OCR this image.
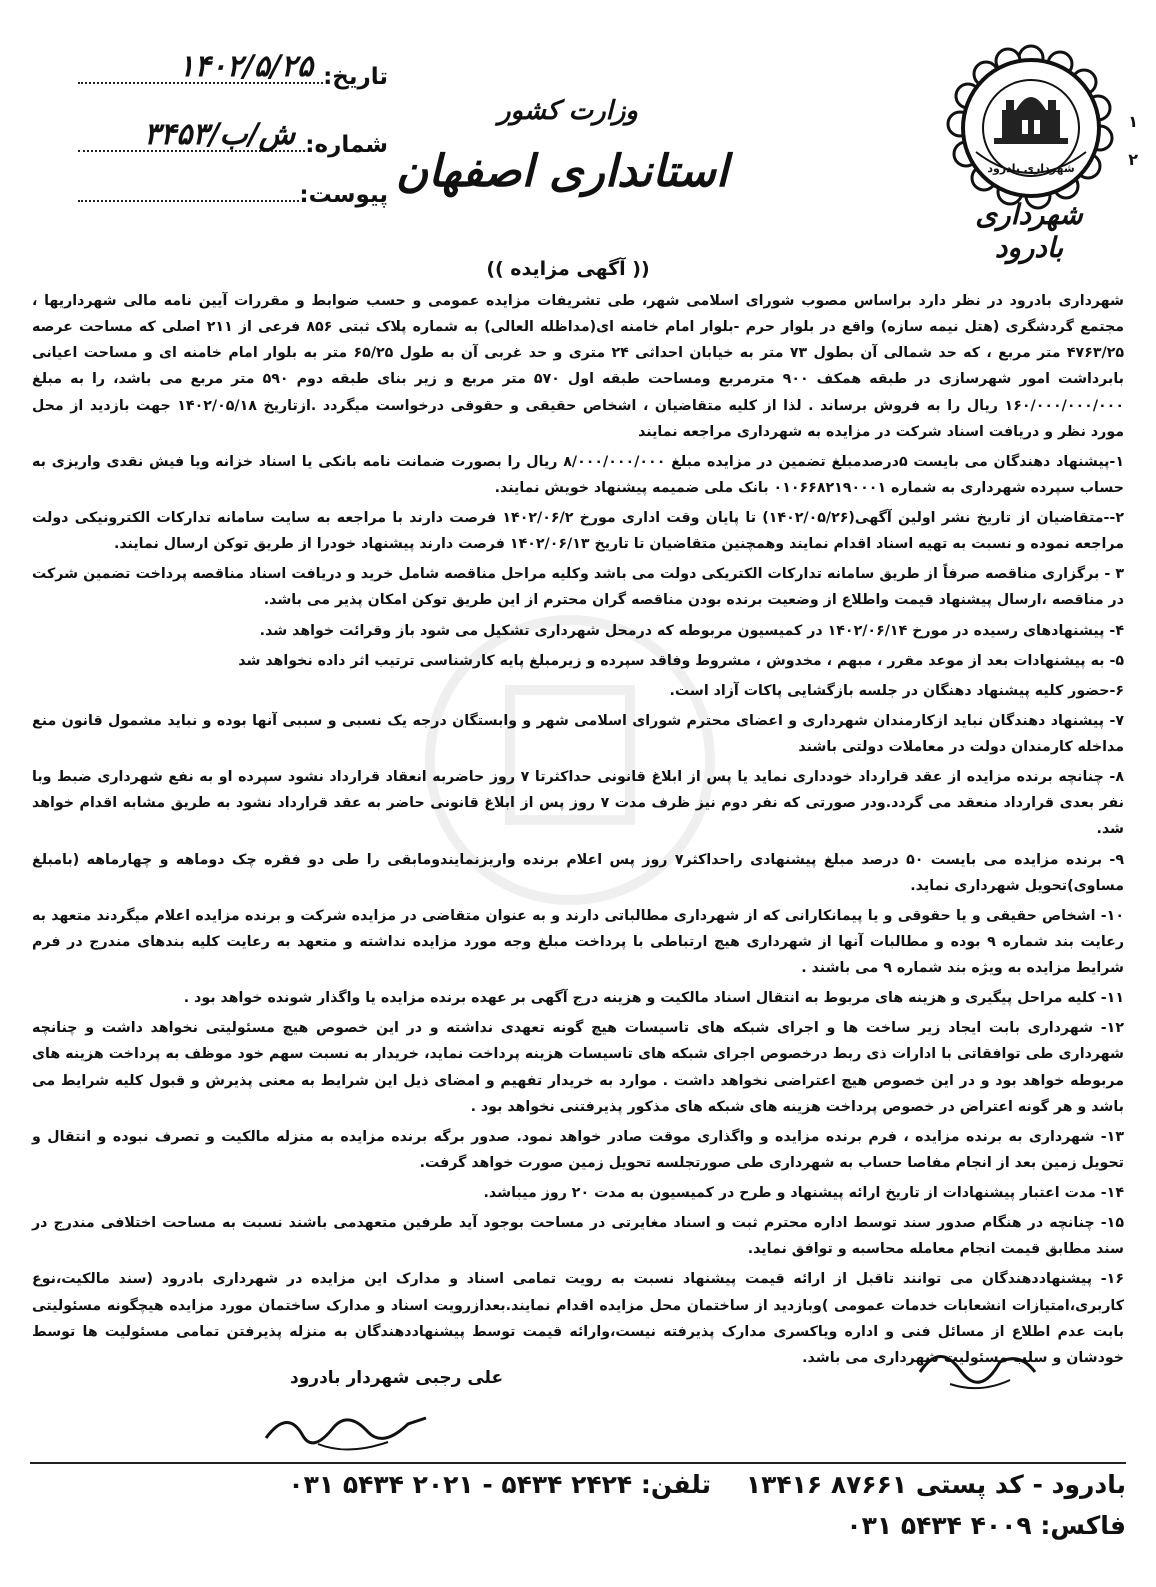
شهرداری بادرود
شهرداری بادرود
وزارت کشور
استانداری اصفهان
تاریخ:
۱۴۰۲/۵/۲۵
شماره:
۳۴۵۳/ش/ب
پیوست:
۱
۲
(( آگهی مزایده ))

شهرداری بادرود در نظر دارد براساس مصوب شورای اسلامی شهر، طی تشریفات مزایده عمومی و حسب ضوابط و مقررات آیین نامه مالی شهرداریها ، مجتمع گردشگری (هتل نیمه سازه) واقع در بلوار حرم -بلوار امام خامنه ای(مداظله العالی) به شماره پلاک ثبتی ۸۵۶ فرعی از ۲۱۱ اصلی که مساحت عرصه ۴۷۶۳/۲۵ متر مربع ، که حد شمالی آن بطول ۷۳ متر به خیابان احداثی ۲۴ متری و حد غربی آن به طول ۶۵/۲۵ متر به بلوار امام خامنه ای و مساحت اعیانی بابرداشت امور شهرسازی در طبقه همکف ۹۰۰ مترمربع ومساحت طبقه اول ۵۷۰ متر مربع و زیر بنای طبقه دوم ۵۹۰ متر مربع می باشد، را به مبلغ ۱۶۰/۰۰۰/۰۰۰/۰۰۰ ریال را به فروش برساند . لذا از کلیه متقاضیان ، اشخاص حقیقی و حقوقی درخواست میگردد .ازتاریخ ۱۴۰۲/۰۵/۱۸ جهت بازدید از محل مورد نظر و دریافت اسناد شرکت در مزایده به شهرداری مراجعه نمایند

۱-پیشنهاد دهندگان می بایست ۵درصدمبلغ تضمین در مزایده مبلغ ۸/۰۰۰/۰۰۰/۰۰۰ ریال را بصورت ضمانت نامه بانکی یا اسناد خزانه ویا فیش نقدی واریزی به حساب سپرده شهرداری به شماره ۰۱۰۶۶۸۲۱۹۰۰۰۱ بانک ملی ضمیمه پیشنهاد خویش نمایند.

۲--متقاضیان از تاریخ نشر اولین آگهی(۱۴۰۲/۰۵/۲۶) تا پایان وقت اداری مورخ ۱۴۰۲/۰۶/۲ فرصت دارند با مراجعه به سایت سامانه تدارکات الکترونیکی دولت مراجعه نموده و نسبت به تهیه اسناد اقدام نمایند وهمچنین متقاضیان تا تاریخ ۱۴۰۲/۰۶/۱۳ فرصت دارند پیشنهاد خودرا از طریق توکن ارسال نمایند.

۳ - برگزاری مناقصه صرفاً از طریق سامانه تدارکات الکتریکی دولت می باشد وکلیه مراحل مناقصه شامل خرید و دریافت اسناد مناقصه پرداخت تضمین شرکت در مناقصه ،ارسال پیشنهاد قیمت واطلاع از وضعیت برنده بودن مناقصه گران محترم از این طریق توکن امکان پذیر می باشد.

۴- پیشنهادهای رسیده در مورخ ۱۴۰۲/۰۶/۱۴ در کمیسیون مربوطه که درمحل شهرداری تشکیل می شود باز وقرائت خواهد شد.

۵- به پیشنهادات بعد از موعد مقرر ، مبهم ، مخدوش ، مشروط وفاقد سپرده و زیرمبلغ پایه کارشناسی ترتیب اثر داده نخواهد شد

۶-حضور کلیه پیشنهاد دهنگان در جلسه بازگشایی پاکات آزاد است.

۷- پیشنهاد دهندگان نباید ازکارمندان شهرداری و اعضای محترم شورای اسلامی شهر و وابستگان درجه یک نسبی و سببی آنها بوده و نباید مشمول قانون منع مداخله کارمندان دولت در معاملات دولتی باشند

۸- چنانچه برنده مزایده از عقد قرارداد خودداری نماید یا پس از ابلاغ قانونی حداکثرتا ۷ روز حاضربه انعقاد قرارداد نشود سپرده او به نفع شهرداری ضبط وبا نفر بعدی قرارداد منعقد می گردد.ودر صورتی که نفر دوم نیز ظرف مدت ۷ روز پس از ابلاغ قانونی حاضر به عقد قرارداد نشود به طریق مشابه اقدام خواهد شد.

۹- برنده مزایده می بایست ۵۰ درصد مبلغ پیشنهادی راحداکثر۷ روز پس اعلام برنده واریزنمایندومابقی را طی دو فقره چک دوماهه و چهارماهه (بامبلغ مساوی)تحویل شهرداری نماید.

۱۰- اشخاص حقیقی و یا حقوقی و یا پیمانکارانی که از شهرداری مطالباتی دارند و به عنوان متقاضی در مزایده شرکت و برنده مزایده اعلام میگردند متعهد به رعایت بند شماره ۹ بوده و مطالبات آنها از شهرداری هیچ ارتباطی با پرداخت مبلغ وجه مورد مزایده نداشته و متعهد به رعایت کلیه بندهای مندرج در فرم شرایط مزایده به ویژه بند شماره ۹ می باشند .

۱۱- کلیه مراحل پیگیری و هزینه های مربوط به انتقال اسناد مالکیت و هزینه درج آگهی بر عهده برنده مزایده یا واگذار شونده خواهد بود .

۱۲- شهرداری بابت ایجاد زیر ساخت ها و اجرای شبکه های تاسیسات هیچ گونه تعهدی نداشته و در این خصوص هیچ مسئولیتی نخواهد داشت و چنانچه شهرداری طی توافقاتی با ادارات ذی ربط درخصوص اجرای شبکه های تاسیسات هزینه پرداخت نماید، خریدار به نسبت سهم خود موظف به پرداخت هزینه های مربوطه خواهد بود و در این خصوص هیچ اعتراضی نخواهد داشت . موارد به خریدار تفهیم و امضای ذیل این شرایط به معنی پذیرش و قبول کلیه شرایط می باشد و هر گونه اعتراض در خصوص پرداخت هزینه های شبکه های مذکور پذیرفتنی نخواهد بود .

۱۳- شهرداری به برنده مزایده ، فرم برنده مزایده و واگذاری موقت صادر خواهد نمود. صدور برگه برنده مزایده به منزله مالکیت و تصرف نبوده و انتقال و تحویل زمین بعد از انجام مفاصا حساب به شهرداری طی صورتجلسه تحویل زمین صورت خواهد گرفت.

۱۴- مدت اعتبار پیشنهادات از تاریخ ارائه پیشنهاد و طرح در کمیسیون به مدت ۲۰ روز میباشد.

۱۵- چنانچه در هنگام صدور سند توسط اداره محترم ثبت و اسناد مغایرتی در مساحت بوجود آید طرفین متعهدمی باشند نسبت به مساحت اختلافی مندرج در سند مطابق قیمت انجام معامله محاسبه و توافق نماید.

۱۶- پیشنهاددهندگان می توانند تاقبل از ارائه قیمت پیشنهاد نسبت به رویت تمامی اسناد و مدارک این مزایده در شهرداری بادرود (سند مالکیت،نوع کاربری،امتیازات انشعابات خدمات عمومی )وبازدید از ساختمان محل مزایده اقدام نمایند.بعدازرویت اسناد و مدارک ساختمان مورد مزایده هیچگونه مسئولیتی بابت عدم اطلاع از مسائل فنی و اداره ویاکسری مدارک پذیرفته نیست،وارائه قیمت توسط پیشنهاددهندگان به منزله پذیرفتن تمامی مسئولیت ها توسط خودشان و سلب مسئولیت شهرداری می باشد.

علی رجبی شهردار بادرود
بادرود - کد پستی ۸۷۶۶۱ ۱۳۴۱۶    تلفن: ۰۳۱ ۵۴۳۴ ۲۰۲۱ - ۵۴۳۴ ۲۴۲۴
فاکس: ۰۳۱ ۵۴۳۴ ۴۰۰۹
